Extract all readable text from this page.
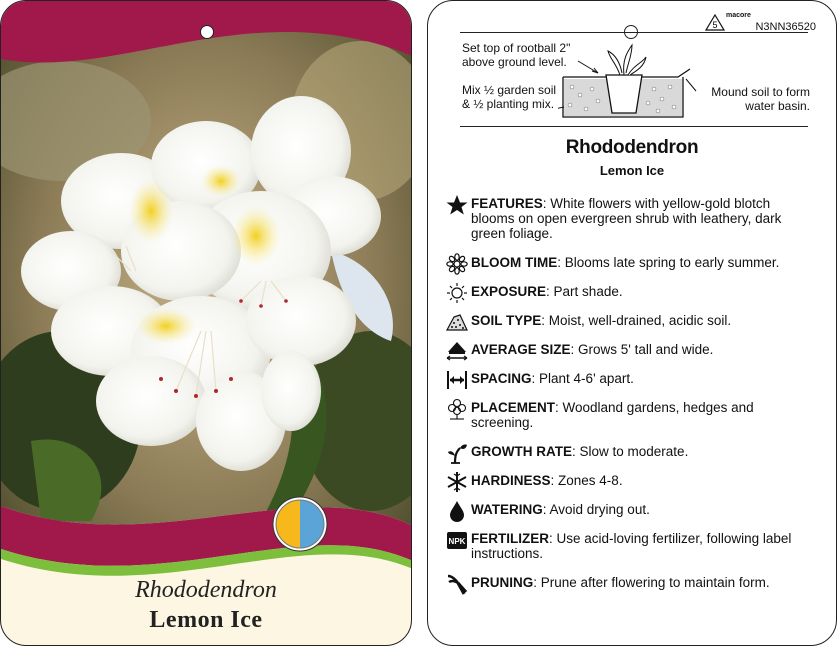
Rhododendron
Lemon Ice
5
macore
N3NN36520
Set top of rootball 2"
above ground level.
Mix ½ garden soil
& ½ planting mix.
Mound soil to form
water basin.
Rhododendron
Lemon Ice
FEATURES: White flowers with yellow-gold blotch blooms on open evergreen shrub with leathery, dark green foliage.
BLOOM TIME: Blooms late spring to early summer.
EXPOSURE: Part shade.
SOIL TYPE: Moist, well-drained, acidic soil.
AVERAGE SIZE: Grows 5' tall and wide.
SPACING: Plant 4-6' apart.
PLACEMENT: Woodland gardens, hedges and screening.
GROWTH RATE: Slow to moderate.
HARDINESS: Zones 4-8.
WATERING: Avoid drying out.
NPK FERTILIZER: Use acid-loving fertilizer, following label instructions.
PRUNING: Prune after flowering to maintain form.
